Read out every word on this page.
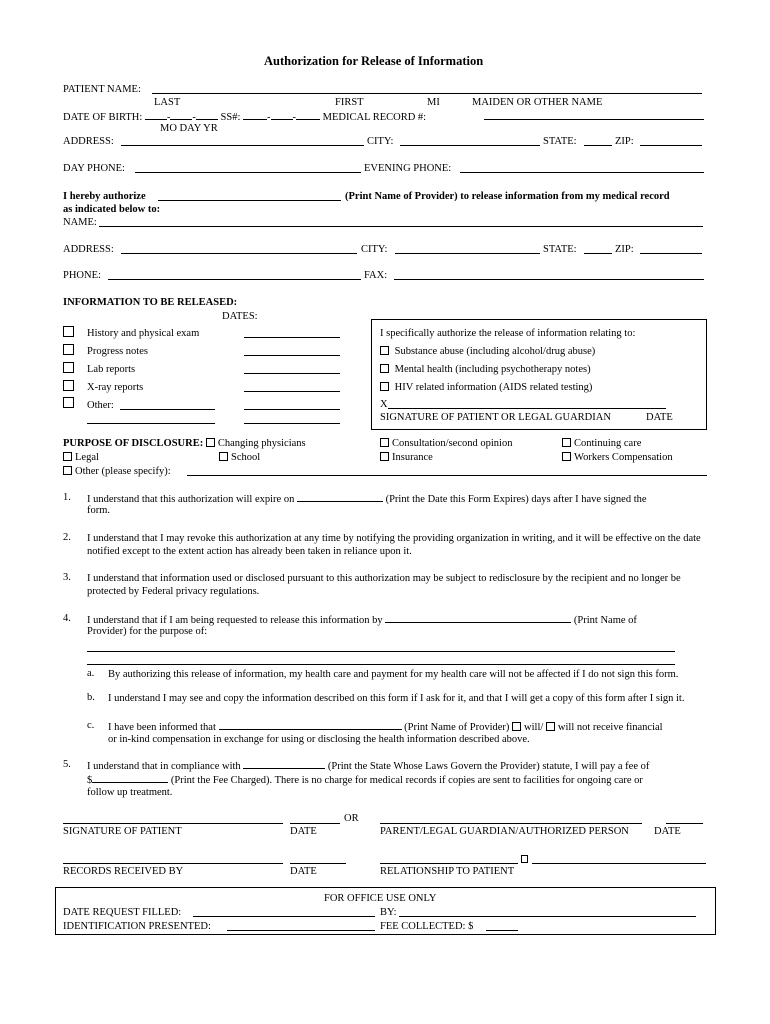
Authorization for Release of Information
PATIENT NAME:
LAST	FIRST	MI	MAIDEN OR OTHER NAME
DATE OF BIRTH: - - SS#:	- -	MEDICAL RECORD #:
MO DAY YR
ADDRESS:	CITY:	STATE:	ZIP:
DAY PHONE:	EVENING PHONE:
I hereby authorize	(Print Name of Provider) to release information from my medical record
as indicated below to:
NAME:
ADDRESS:	CITY:	STATE:	ZIP:
PHONE:	FAX:
INFORMATION TO BE RELEASED:
DATES:
History and physical exam
Progress notes
Lab reports
X-ray reports
Other:
I specifically authorize the release of information relating to:
Substance abuse (including alcohol/drug abuse)
Mental health (including psychotherapy notes)
HIV related information (AIDS related testing)
X
SIGNATURE OF PATIENT OR LEGAL GUARDIAN	DATE
PURPOSE OF DISCLOSURE: Changing physicians	Consultation/second opinion	Continuing care
Legal	School	Insurance	Workers Compensation
Other (please specify):
1. I understand that this authorization will expire on	(Print the Date this Form Expires) days after I have signed the
form.
2. I understand that I may revoke this authorization at any time by notifying the providing organization in writing, and it will be effective on the date notified except to the extent action has already been taken in reliance upon it.
3. I understand that information used or disclosed pursuant to this authorization may be subject to redisclosure by the recipient and no longer be protected by Federal privacy regulations.
4. I understand that if I am being requested to release this information by	(Print Name of
Provider) for the purpose of:
a. By authorizing this release of information, my health care and payment for my health care will not be affected if I do not sign this form.
b. I understand I may see and copy the information described on this form if I ask for it, and that I will get a copy of this form after I sign it.
c. I have been informed that	(Print Name of Provider) will/ will not receive financial
or in-kind compensation in exchange for using or disclosing the health information described above.
5. I understand that in compliance with	(Print the State Whose Laws Govern the Provider) statute, I will pay a fee of
$	(Print the Fee Charged). There is no charge for medical records if copies are sent to facilities for ongoing care or
follow up treatment.
OR
SIGNATURE OF PATIENT	DATE	PARENT/LEGAL GUARDIAN/AUTHORIZED PERSON DATE
RECORDS RECEIVED BY	DATE	RELATIONSHIP TO PATIENT
FOR OFFICE USE ONLY
DATE REQUEST FILLED:	BY:
IDENTIFICATION PRESENTED:	FEE COLLECTED: $
